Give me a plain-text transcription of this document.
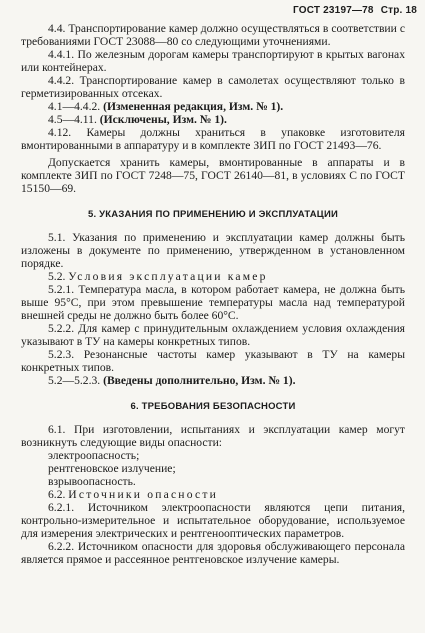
ГОСТ 23197—78 Стр. 18

4.4. Транспортирование камер должно осуществляться в соответствии с требованиями ГОСТ 23088—80 со следующими уточнениями.

4.4.1. По железным дорогам камеры транспортируют в крытых вагонах или контейнерах.

4.4.2. Транспортирование камер в самолетах осуществляют только в герметизированных отсеках.

4.1—4.4.2. (Измененная редакция, Изм. № 1).

4.5—4.11. (Исключены, Изм. № 1).

4.12. Камеры должны храниться в упаковке изготовителя вмонтированными в аппаратуру и в комплекте ЗИП по ГОСТ 21493—76.

Допускается хранить камеры, вмонтированные в аппараты и в комплекте ЗИП по ГОСТ 7248—75, ГОСТ 26140—81, в условиях С по ГОСТ 15150—69.

5. УКАЗАНИЯ ПО ПРИМЕНЕНИЮ И ЭКСПЛУАТАЦИИ

5.1. Указания по применению и эксплуатации камер должны быть изложены в документе по применению, утвержденном в установленном порядке.

5.2. Условия эксплуатации камер

5.2.1. Температура масла, в котором работает камера, не должна быть выше 95°С, при этом превышение температуры масла над температурой внешней среды не должно быть более 60°С.

5.2.2. Для камер с принудительным охлаждением условия охлаждения указывают в ТУ на камеры конкретных типов.

5.2.3. Резонансные частоты камер указывают в ТУ на камеры конкретных типов.

5.2—5.2.3. (Введены дополнительно, Изм. № 1).

6. ТРЕБОВАНИЯ БЕЗОПАСНОСТИ

6.1. При изготовлении, испытаниях и эксплуатации камер могут возникнуть следующие виды опасности:

электроопасность;

рентгеновское излучение;

взрывоопасность.

6.2. Источники опасности

6.2.1. Источником электроопасности являются цепи питания, контрольно-измерительное и испытательное оборудование, используемое для измерения электрических и рентгенооптических параметров.

6.2.2. Источником опасности для здоровья обслуживающего персонала является прямое и рассеянное рентгеновское излучение камеры.
